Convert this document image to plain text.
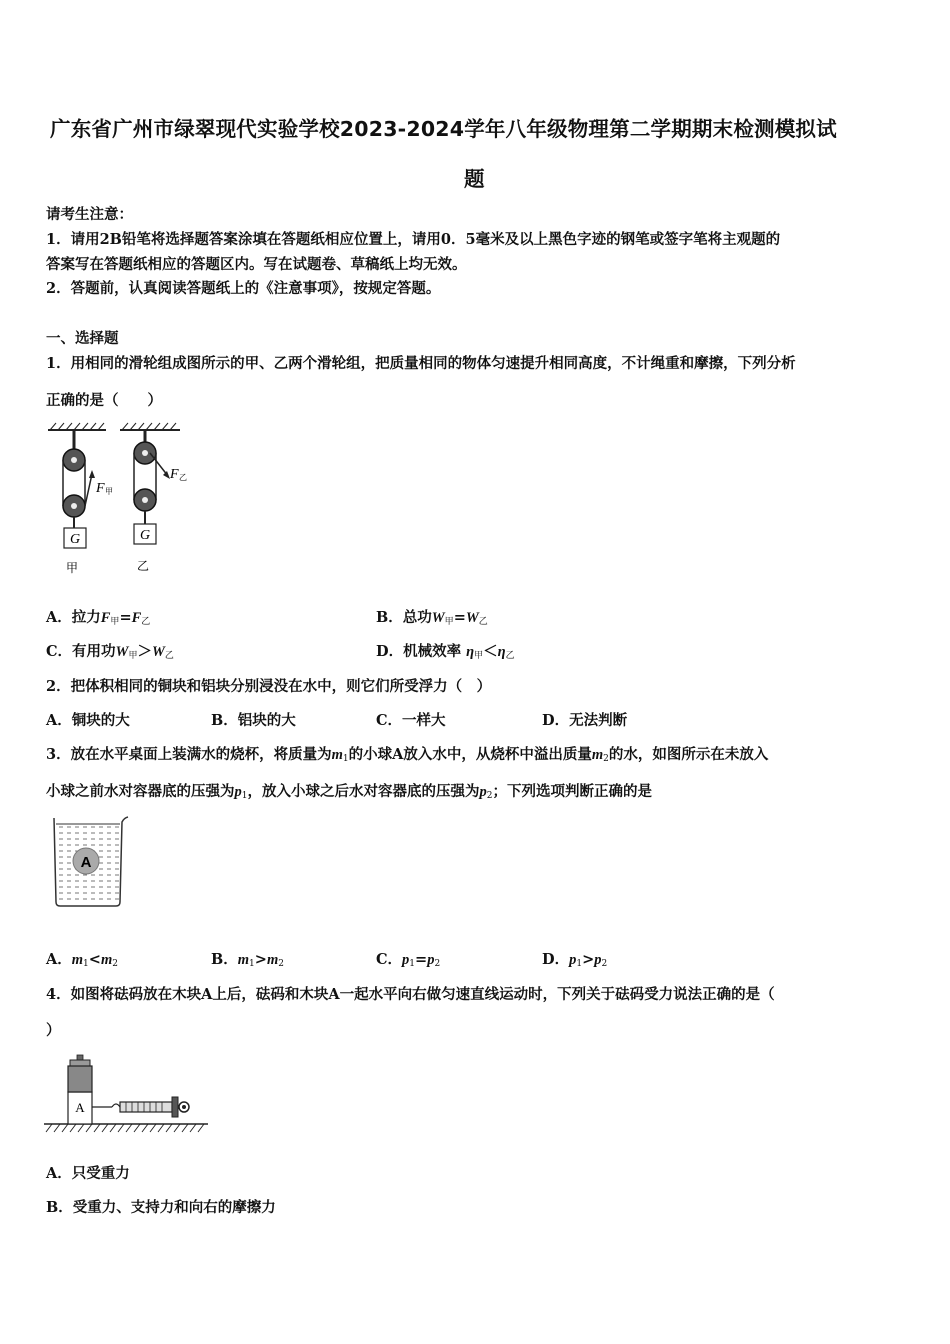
广东省广州市绿翠现代实验学校2023-2024学年八年级物理第二学期期末检测模拟试
题
请考生注意：
1．请用2B铅笔将选择题答案涂填在答题纸相应位置上，请用0．5毫米及以上黑色字迹的钢笔或签字笔将主观题的
答案写在答题纸相应的答题区内。写在试题卷、草稿纸上均无效。
2．答题前，认真阅读答题纸上的《注意事项》，按规定答题。
一、选择题
1．用相同的滑轮组成图所示的甲、乙两个滑轮组，把质量相同的物体匀速提升相同高度，不计绳重和摩擦，下列分析
正确的是（　　）
G
F 甲
甲
G
F 乙
乙
A．拉力$F_甲=F_乙$	B．总功$W_甲=W_乙$
C．有用功$W_甲>W_乙$	D．机械效率 $\eta_甲<\eta_乙$
2．把体积相同的铜块和铝块分别浸没在水中，则它们所受浮力（　）
A．铜块的大	B．铝块的大	C．一样大	D．无法判断
3．放在水平桌面上装满水的烧杯，将质量为$m_1$的小球A放入水中，从烧杯中溢出质量$m_2$的水，如图所示在未放入
小球之前水对容器底的压强为$p_1$，放入小球之后水对容器底的压强为$p_2$；下列选项判断正确的是
A
A．$m_1<m_2$	B．$m_1>m_2$	C．$p_1=p_2$	D．$p_1>p_2$
4．如图将砝码放在木块A上后，砝码和木块A一起水平向右做匀速直线运动时，下列关于砝码受力说法正确的是（
）
A
A．只受重力
B．受重力、支持力和向右的摩擦力
